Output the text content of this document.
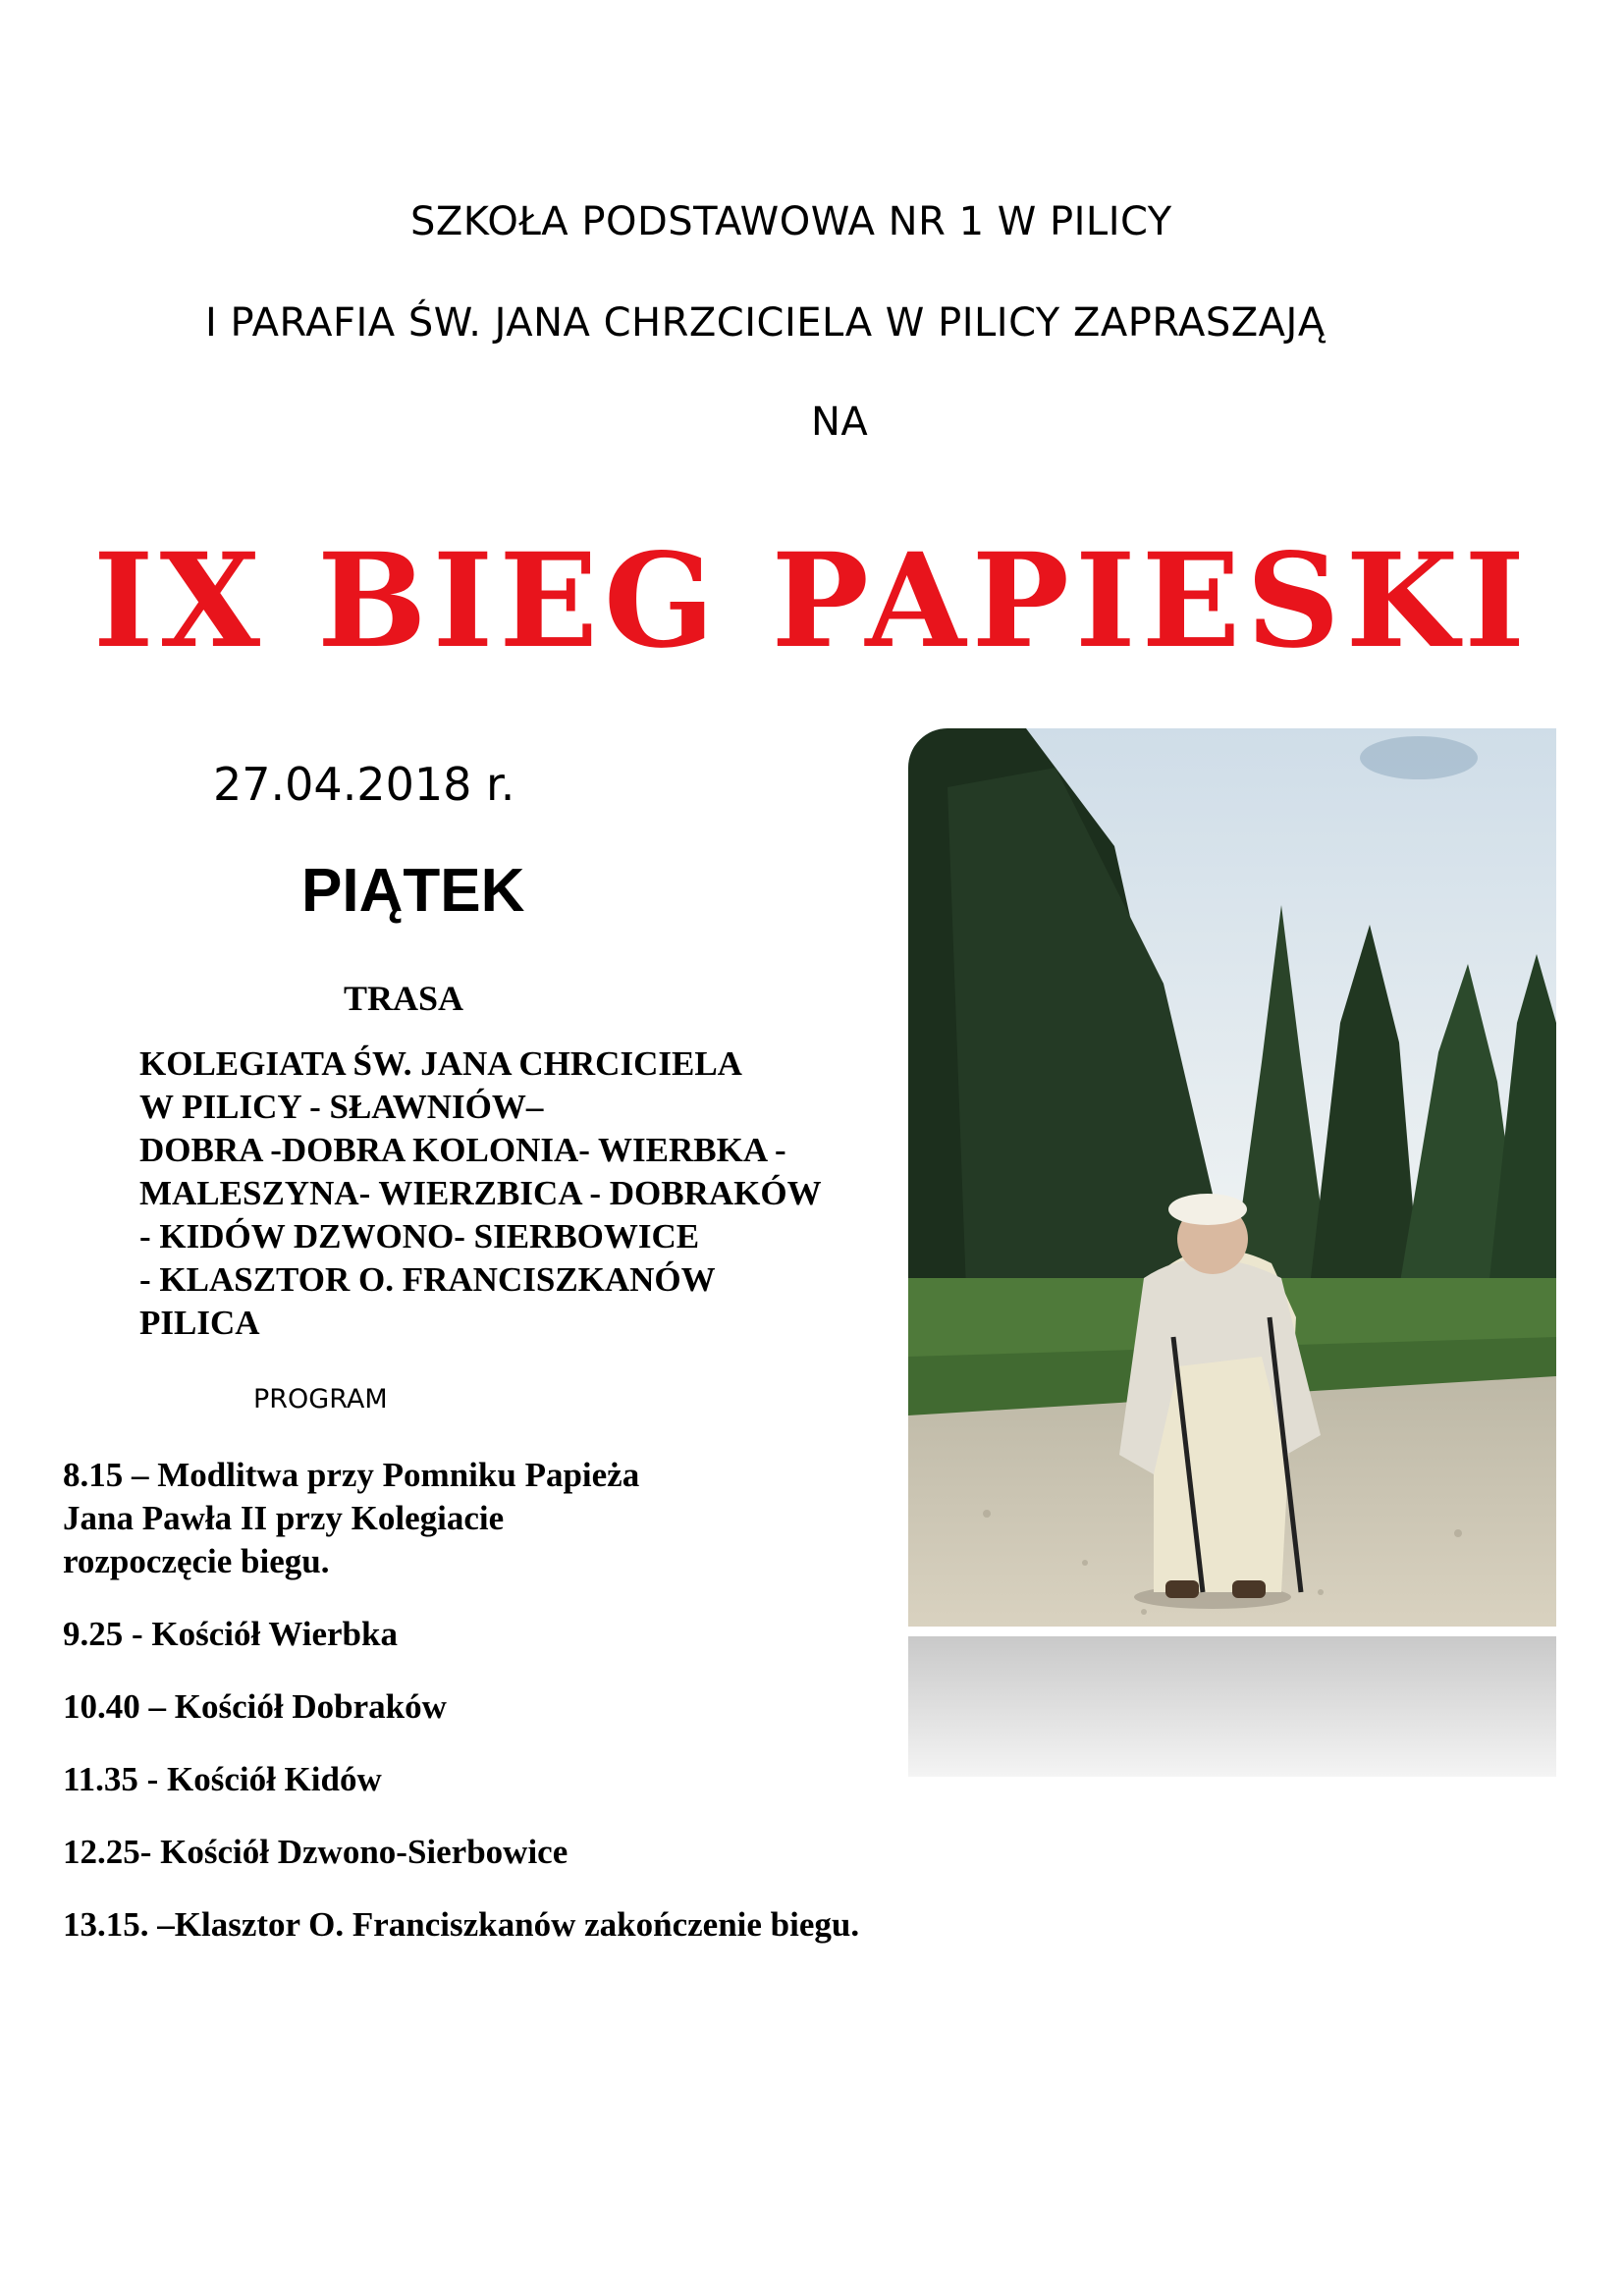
SZKOŁA PODSTAWOWA NR 1 W PILICY
I PARAFIA ŚW. JANA CHRZCICIELA W PILICY ZAPRASZAJĄ
NA
IX BIEG PAPIESKI
27.04.2018 r.
PIĄTEK
TRASA
KOLEGIATA ŚW. JANA CHRCICIELA
W PILICY - SŁAWNIÓW–
DOBRA -DOBRA KOLONIA- WIERBKA -
MALESZYNA- WIERZBICA - DOBRAKÓW
- KIDÓW DZWONO- SIERBOWICE
- KLASZTOR O. FRANCISZKANÓW
PILICA
PROGRAM
8.15 – Modlitwa przy Pomniku Papieża
Jana Pawła II przy Kolegiacie
rozpoczęcie biegu.
9.25 - Kościół Wierbka
10.40 – Kościół Dobraków
11.35 - Kościół Kidów
12.25- Kościół Dzwono-Sierbowice
13.15. –Klasztor O. Franciszkanów zakończenie biegu.
